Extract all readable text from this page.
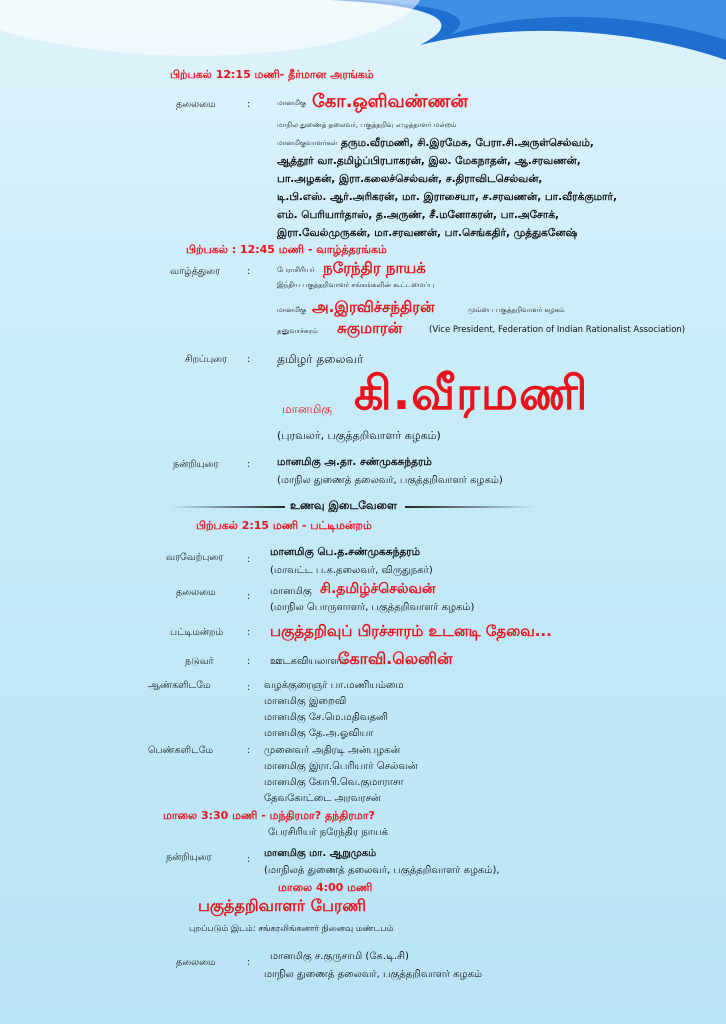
பிற்பகல் 12:15 மணி- தீர்மான அரங்கம்
தலைமை	:	மானமிகு கோ.ஒளிவண்ணன்
மாநில துணைத் தலைவர், பகுத்தறிவு எழுத்தாளர் மன்றம்
மானமிகுவாளர்கள் தரும.வீரமணி, சி.இரமேசு, பேரா.சி.அருள்செல்வம்,
ஆத்தூர் வா.தமிழ்ப்பிரபாகரன், இல. மேகநாதன், ஆ.சரவணன்,
பா.அழகன், இரா.கலைச்செல்வன், ச.திராவிடசெல்வன்,
டி.பி.எஸ். ஆர்.அரிகரன், மா. இராசையா, ச.சரவணன், பா.வீரக்குமார்,
எம். பெரியார்தாஸ், த.அருண், சீ.மனோகரன், பா.அசோக்,
இரா.வேல்முருகன், மா.சரவணன், பா.செங்கதிர், முத்துகனேஷ்
பிற்பகல் : 12:45 மணி - வாழ்த்தரங்கம்
வாழ்த்துரை	:	பேராசிரியர் நரேந்திர நாயக்
இந்திய பகுத்தறிவாளர் சங்கங்களின் கூட்டமைப்பு
மானமிகு அ.இரவிச்சந்திரன்	மும்பை பகுத்தறிவாளர் கழகம்
தனுவாச்சுரம் சுகுமாரன்	(Vice President, Federation of Indian Rationalist Association)
சிறப்புரை : தமிழர் தலைவர்
மானமிகு கி.வீரமணி
(புரவலர், பகுத்தறிவாளர் கழகம்)
நன்றியுரை	:	மானமிகு அ.தா. சண்முகசுந்தரம்
(மாநில துணைத் தலைவர், பகுத்தறிவாளர் கழகம்)
உணவு இடைவேளை
பிற்பகல் 2:15 மணி - பட்டிமன்றம்
வரவேற்புரை :
மானமிகு பெ.த.சண்முகசுந்தரம்
(மாவட்ட ப.க.தலைவர், விருதுநகர்)
தலைமை	: மானமிகு சி.தமிழ்ச்செல்வன்
(மாநில பொருளாளர், பகுத்தறிவாளர் கழகம்)
பட்டிமன்றம்	: பகுத்தறிவுப் பிரச்சாரம் உடனடி தேவை...
நடுவர்	: ஊடகவியலாளர்
கோவி.லெனின்
ஆண்களிடமே	: வழக்குரைஞர் பா.மணியம்மை
மானமிகு இறைவி
மானமிகு சே.மெ.மதிவதனி
மானமிகு தே.அ.ஓவியா
பெண்களிடமே	: முனைவர் அதிரடி அன்பழகன்
மானமிகு இரா.பெரியார் செல்வன்
மானமிகு கோபி.வெ.குமாராசா
தேவகோட்டை அரவரசன்
மாலை 3:30 மணி - மந்திரமா? தந்திரமா?
பேரசிரியர் நரேந்திர நாயக்
நன்றியுரை	:
மானமிகு மா. ஆறுமுகம்
(மாநிலத் துணைத் தலைவர், பகுத்தறிவாளர் கழகம்),
மாலை 4:00 மணி
பகுத்தறிவாளர் பேரணி
புறப்படும் இடம்: சங்கரலிங்கனார் நினைவு மண்டபம்
தலைமை	:
மானமிகு ச.குருசாமி (கே.டி.சி)
மாநில துணைத் தலைவர், பகுத்தறிவாளர் கழகம்
